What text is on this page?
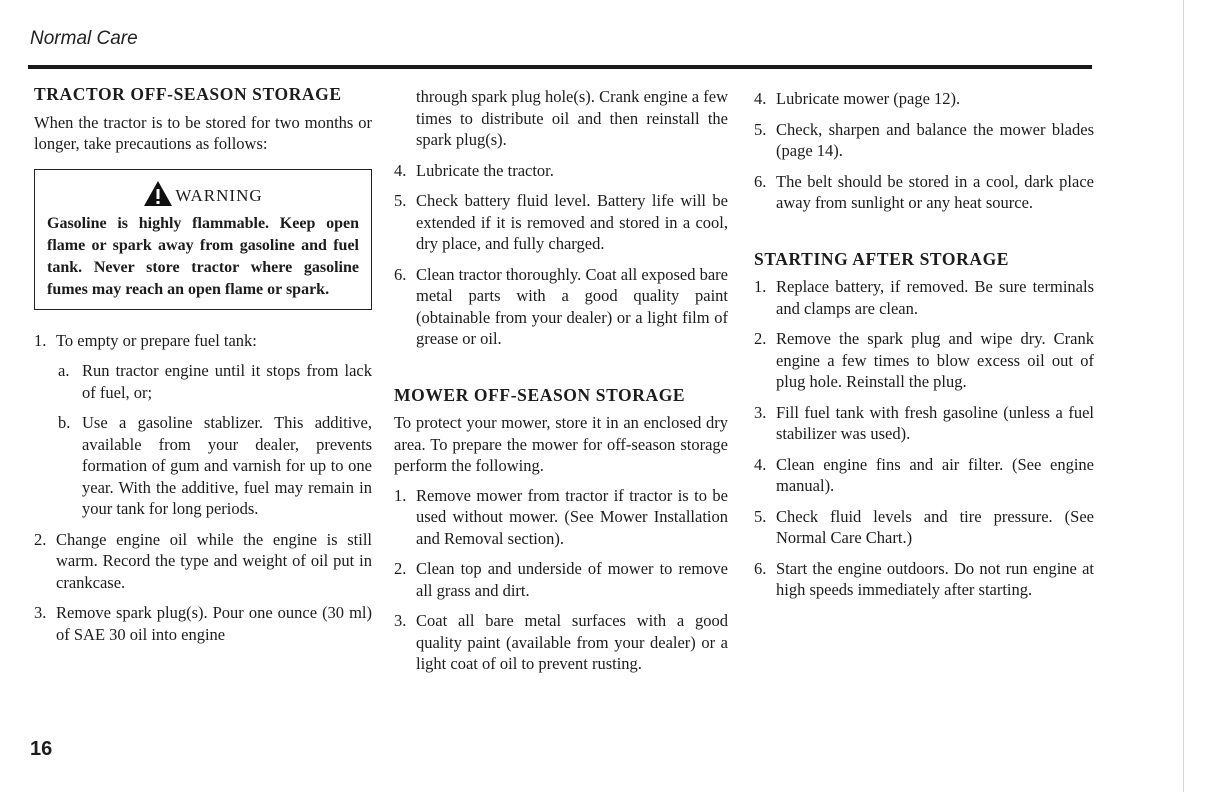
Normal Care
TRACTOR OFF-SEASON STORAGE
When the tractor is to be stored for two months or longer, take precautions as follows:
WARNING
Gasoline is highly flammable. Keep open flame or spark away from gasoline and fuel tank. Never store tractor where gasoline fumes may reach an open flame or spark.
1. To empty or prepare fuel tank:
a. Run tractor engine until it stops from lack of fuel, or;
b. Use a gasoline stablizer. This additive, available from your dealer, prevents formation of gum and varnish for up to one year. With the additive, fuel may remain in your tank for long periods.
2. Change engine oil while the engine is still warm. Record the type and weight of oil put in crankcase.
3. Remove spark plug(s). Pour one ounce (30 ml) of SAE 30 oil into engine
16
through spark plug hole(s). Crank engine a few times to distribute oil and then reinstall the spark plug(s).
4. Lubricate the tractor.
5. Check battery fluid level. Battery life will be extended if it is removed and stored in a cool, dry place, and fully charged.
6. Clean tractor thoroughly. Coat all exposed bare metal parts with a good quality paint (obtainable from your dealer) or a light film of grease or oil.
MOWER OFF-SEASON STORAGE
To protect your mower, store it in an enclosed dry area. To prepare the mower for off-season storage perform the following.
1. Remove mower from tractor if tractor is to be used without mower. (See Mower Installation and Removal section).
2. Clean top and underside of mower to remove all grass and dirt.
3. Coat all bare metal surfaces with a good quality paint (available from your dealer) or a light coat of oil to prevent rusting.
4. Lubricate mower (page 12).
5. Check, sharpen and balance the mower blades (page 14).
6. The belt should be stored in a cool, dark place away from sunlight or any heat source.
STARTING AFTER STORAGE
1. Replace battery, if removed. Be sure terminals and clamps are clean.
2. Remove the spark plug and wipe dry. Crank engine a few times to blow excess oil out of plug hole. Reinstall the plug.
3. Fill fuel tank with fresh gasoline (unless a fuel stabilizer was used).
4. Clean engine fins and air filter. (See engine manual).
5. Check fluid levels and tire pressure. (See Normal Care Chart.)
6. Start the engine outdoors. Do not run engine at high speeds immediately after starting.
